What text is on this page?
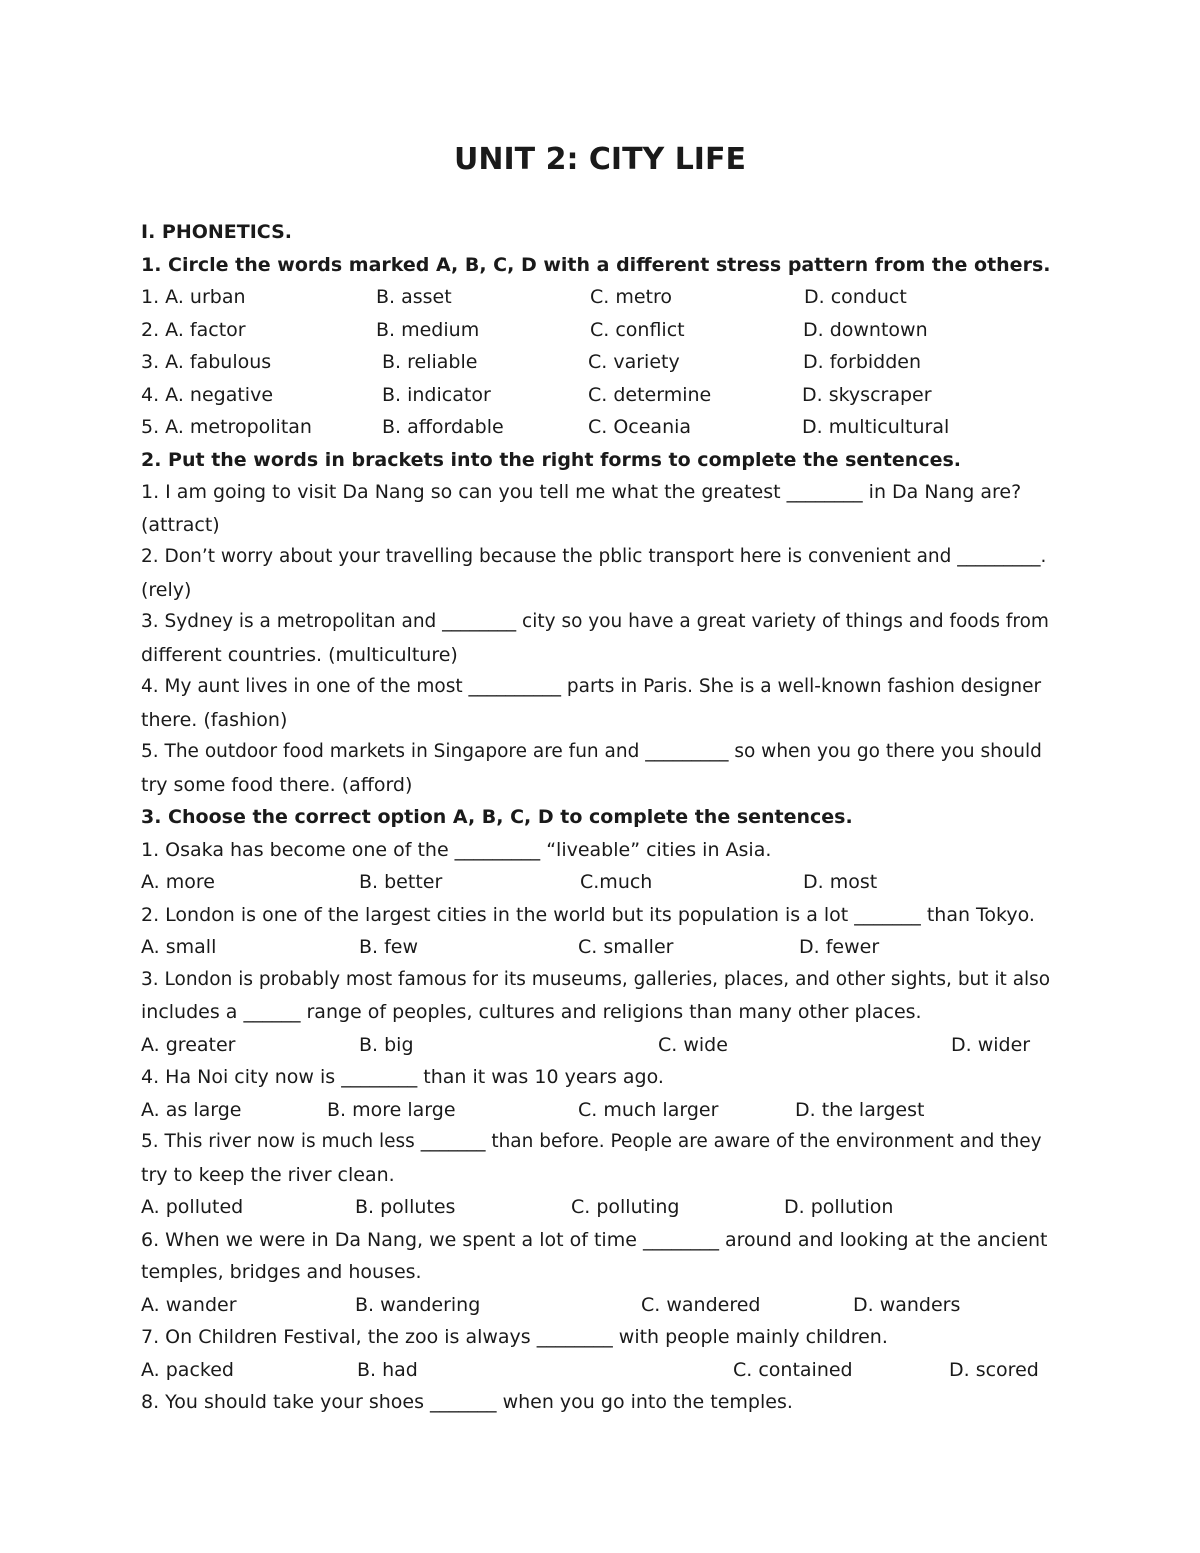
UNIT 2: CITY LIFE
I. PHONETICS.
1. Circle the words marked A, B, C, D with a different stress pattern from the others.
1. A. urban	B. asset	C. metro	D. conduct
2. A. factor	B. medium	C. conflict	D. downtown
3. A. fabulous	B. reliable	C. variety	D. forbidden
4. A. negative	B. indicator	C. determine	D. skyscraper
5. A. metropolitan	B. affordable	C. Oceania	D. multicultural
2. Put the words in brackets into the right forms to complete the sentences.
1. I am going to visit Da Nang so can you tell me what the greatest ________ in Da Nang are?
(attract)
2. Don’t worry about your travelling because the pblic transport here is convenient and _________.
(rely)
3. Sydney is a metropolitan and ________ city so you have a great variety of things and foods from
different countries. (multiculture)
4. My aunt lives in one of the most __________ parts in Paris. She is a well-known fashion designer
there. (fashion)
5. The outdoor food markets in Singapore are fun and _________ so when you go there you should
try some food there. (afford)
3. Choose the correct option A, B, C, D to complete the sentences.
1. Osaka has become one of the _________ “liveable” cities in Asia.
A. more	B. better	C.much	D. most
2. London is one of the largest cities in the world but its population is a lot _______ than Tokyo.
A. small	B. few	C. smaller	D. fewer
3. London is probably most famous for its museums, galleries, places, and other sights, but it also
includes a ______ range of peoples, cultures and religions than many other places.
A. greater	B. big	C. wide	D. wider
4. Ha Noi city now is ________ than it was 10 years ago.
A. as large	B. more large	C. much larger	D. the largest
5. This river now is much less _______ than before. People are aware of the environment and they
try to keep the river clean.
A. polluted	B. pollutes	C. polluting	D. pollution
6. When we were in Da Nang, we spent a lot of time ________ around and looking at the ancient
temples, bridges and houses.
A. wander	B. wandering	C. wandered	D. wanders
7. On Children Festival, the zoo is always ________ with people mainly children.
A. packed	B. had	C. contained	D. scored
8. You should take your shoes _______ when you go into the temples.
